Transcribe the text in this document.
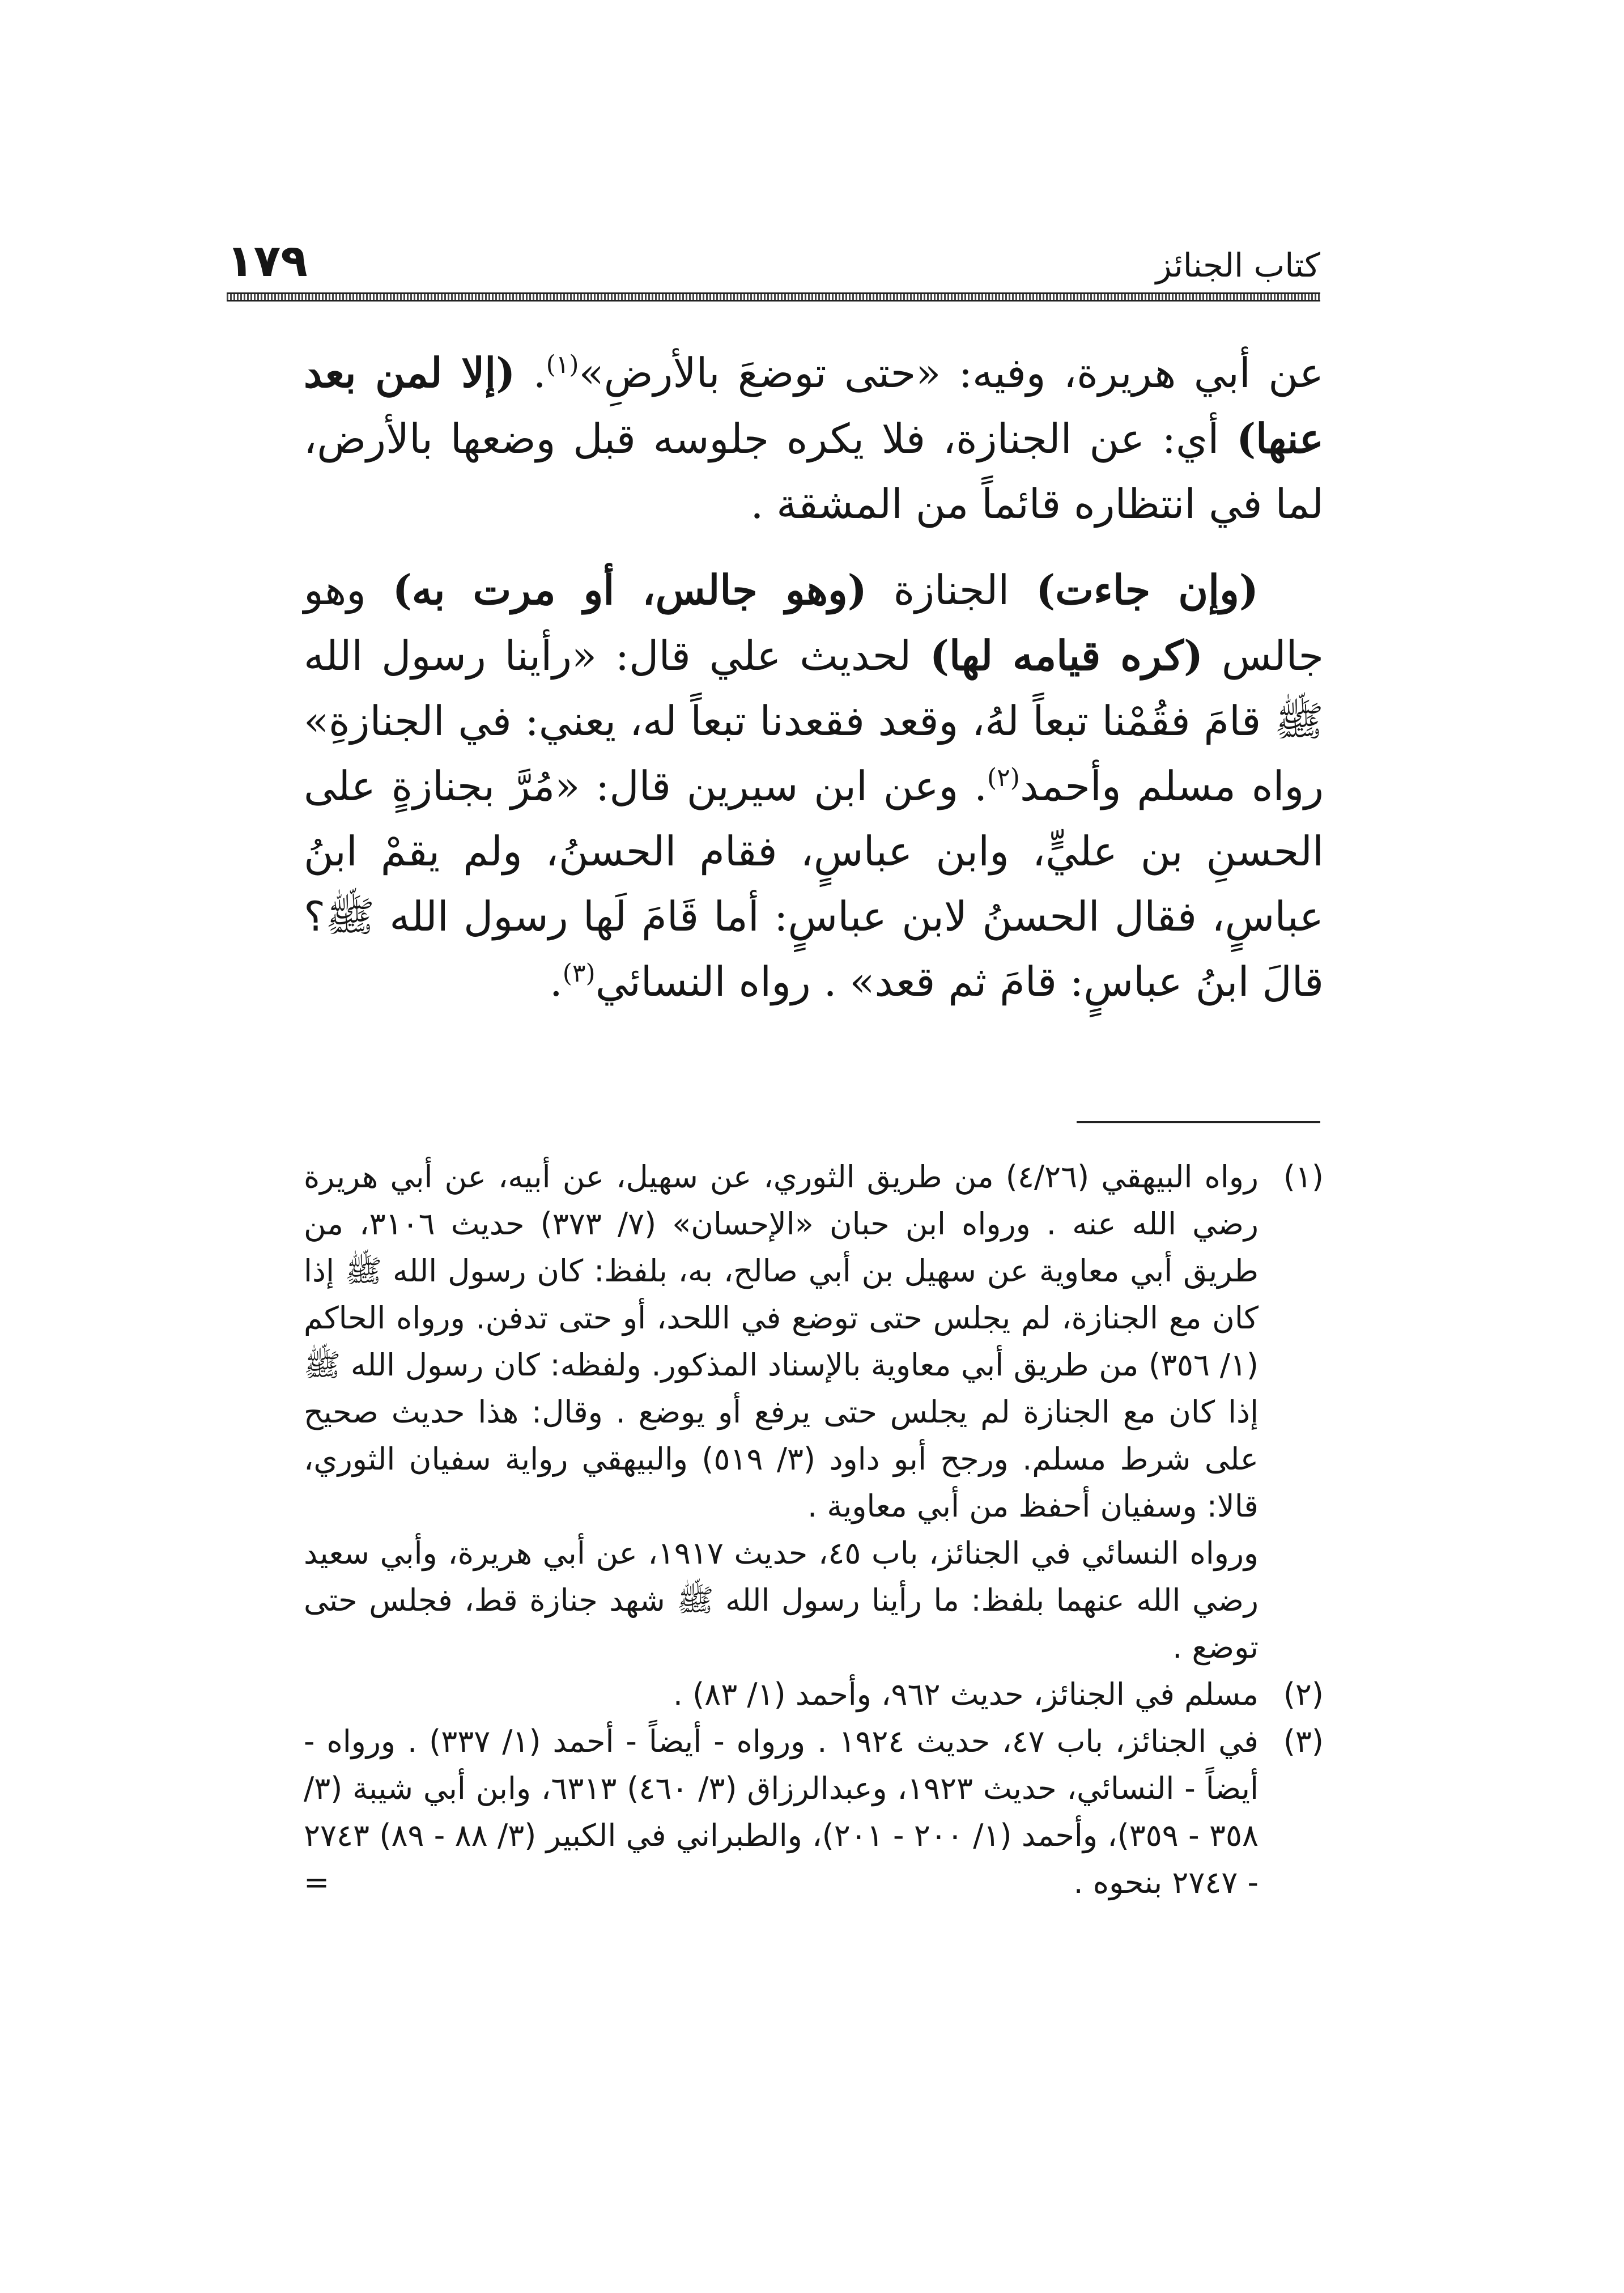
١٧٩	كتاب الجنائز

عن أبي هريرة، وفيه: «حتى توضعَ بالأرضِ»$^{(١)}$. (إلا لمن بعد عنها) أي: عن الجنازة، فلا يكره جلوسه قبل وضعها بالأرض، لما في انتظاره قائماً من المشقة .

(وإن جاءت) الجنازة (وهو جالس، أو مرت به) وهو جالس (كره قيامه لها) لحديث علي قال: «رأينا رسول الله ﷺ قامَ فقُمْنا تبعاً لهُ، وقعد فقعدنا تبعاً له، يعني: في الجنازةِ» رواه مسلم وأحمد$^{(٢)}$. وعن ابن سيرين قال: «مُرَّ بجنازةٍ على الحسنِ بن عليٍّ، وابن عباسٍ، فقام الحسنُ، ولم يقمْ ابنُ عباسٍ، فقال الحسنُ لابن عباسٍ: أما قَامَ لَها رسول الله ﷺ؟ قالَ ابنُ عباسٍ: قامَ ثم قعد» . رواه النسائي$^{(٣)}$.

(١)

رواه البيهقي (٤/٢٦) من طريق الثوري، عن سهيل، عن أبيه، عن أبي هريرة رضي الله عنه . ورواه ابن حبان «الإحسان» (٧/ ٣٧٣) حديث ٣١٠٦، من طريق أبي معاوية عن سهيل بن أبي صالح، به، بلفظ: كان رسول الله ﷺ إذا كان مع الجنازة، لم يجلس حتى توضع في اللحد، أو حتى تدفن. ورواه الحاكم (١/ ٣٥٦) من طريق أبي معاوية بالإسناد المذكور. ولفظه: كان رسول الله ﷺ إذا كان مع الجنازة لم يجلس حتى يرفع أو يوضع . وقال: هذا حديث صحيح على شرط مسلم. ورجح أبو داود (٣/ ٥١٩) والبيهقي رواية سفيان الثوري، قالا: وسفيان أحفظ من أبي معاوية .

ورواه النسائي في الجنائز، باب ٤٥، حديث ١٩١٧، عن أبي هريرة، وأبي سعيد رضي الله عنهما بلفظ: ما رأينا رسول الله ﷺ شهد جنازة قط، فجلس حتى توضع .

(٢)

مسلم في الجنائز، حديث ٩٦٢، وأحمد (١/ ٨٣) .

(٣)

في الجنائز، باب ٤٧، حديث ١٩٢٤ . ورواه - أيضاً - أحمد (١/ ٣٣٧) . ورواه - أيضاً - النسائي، حديث ١٩٢٣، وعبدالرزاق (٣/ ٤٦٠) ٦٣١٣، وابن أبي شيبة (٣/ ٣٥٨ - ٣٥٩)، وأحمد (١/ ٢٠٠ - ٢٠١)، والطبراني في الكبير (٣/ ٨٨ - ٨٩) ٢٧٤٣ - ٢٧٤٧ بنحوه .

=
